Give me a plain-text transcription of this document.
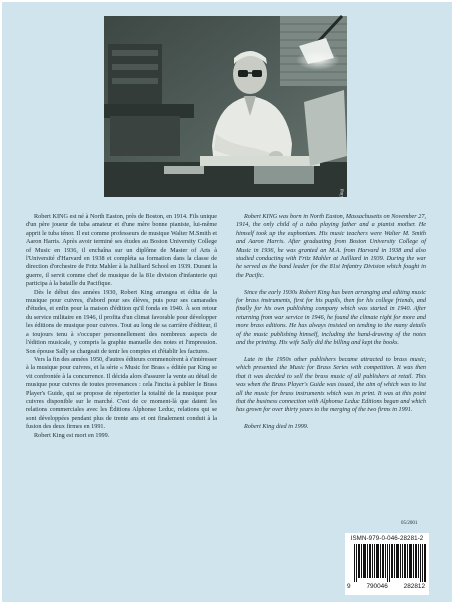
Photo: Sally King

Robert KING est né à North Easton, près de Boston, en 1914. Fils unique d'un père joueur de tuba amateur et d'une mère bonne pianiste, lui-même apprit le tuba ténor. Il eut comme professeurs de musique Walter M.Smith et Aaron Harris. Après avoir terminé ses études au Boston University College of Music en 1936, il enchaîna sur un diplôme de Master of Arts à l'Université d'Harvard en 1938 et compléta sa formation dans la classe de direction d'orchestre de Fritz Mahler à la Juilliard School en 1939. Durant la guerre, il servit comme chef de musique de la 81e division d'infanterie qui participa à la bataille du Pacifique.

Dès le début des années 1930, Robert King arrangea et édita de la musique pour cuivres, d'abord pour ses élèves, puis pour ses camarades d'études, et enfin pour la maison d'édition qu'il fonda en 1940. À son retour du service militaire en 1946, il profita d'un climat favorable pour développer les éditions de musique pour cuivres. Tout au long de sa carrière d'éditeur, il a toujours tenu à s'occuper personnellement des nombreux aspects de l'édition musicale, y compris la graphie manuelle des notes et l'impression. Son épouse Sally se chargeait de tenir les comptes et d'établir les factures.

Vers la fin des années 1950, d'autres éditeurs commencèrent à s'intéresser à la musique pour cuivres, et la série « Music for Brass » éditée par King se vit confrontée à la concurrence. Il décida alors d'assurer la vente au détail de musique pour cuivres de toutes provenances : cela l'incita à publier le Brass Player's Guide, qui se propose de répertorier la totalité de la musique pour cuivres disponible sur le marché. C'est de ce moment-là que datent les relations commerciales avec les Éditions Alphonse Leduc, relations qui se sont développées pendant plus de trente ans et ont finalement conduit à la fusion des deux firmes en 1991.

Robert King est mort en 1999.

Robert KING was born in North Easton, Massachusetts on November 27, 1914, the only child of a tuba playing father and a pianist mother. He himself took up the euphonium. His music teachers were Walter M. Smith and Aaron Harris. After graduating from Boston University College of Music in 1936, he was granted an M.A. from Harvard in 1938 and also studied conducting with Fritz Mahler at Juilliard in 1939. During the war he served as the band leader for the 81st Infantry Division which fought in the Pacific.

Since the early 1930s Robert King has been arranging and editing music for brass instruments, first for his pupils, then for his college friends, and finally for his own publishing company which was started in 1940. After returning from war service in 1946, he found the climate right for more and more brass editions. He has always insisted on tending to the many details of the music publishing himself, including the hand-drawing of the notes and the printing. His wife Sally did the billing and kept the books.

Late in the 1950s other publishers became attracted to brass music, which presented the Music for Brass Series with competition. It was then that it was decided to sell the brass music of all publishers at retail. This was when the Brass Player's Guide was issued, the aim of which was to list all the music for brass instruments which was in print. It was at this point that the business connection with Alphonse Leduc Editions began and which has grown for over thirty years to the merging of the two firms in 1991.

Robert King died in 1999.

05/2001
ISMN-979-0-046-28281-2
9 790046 282812
